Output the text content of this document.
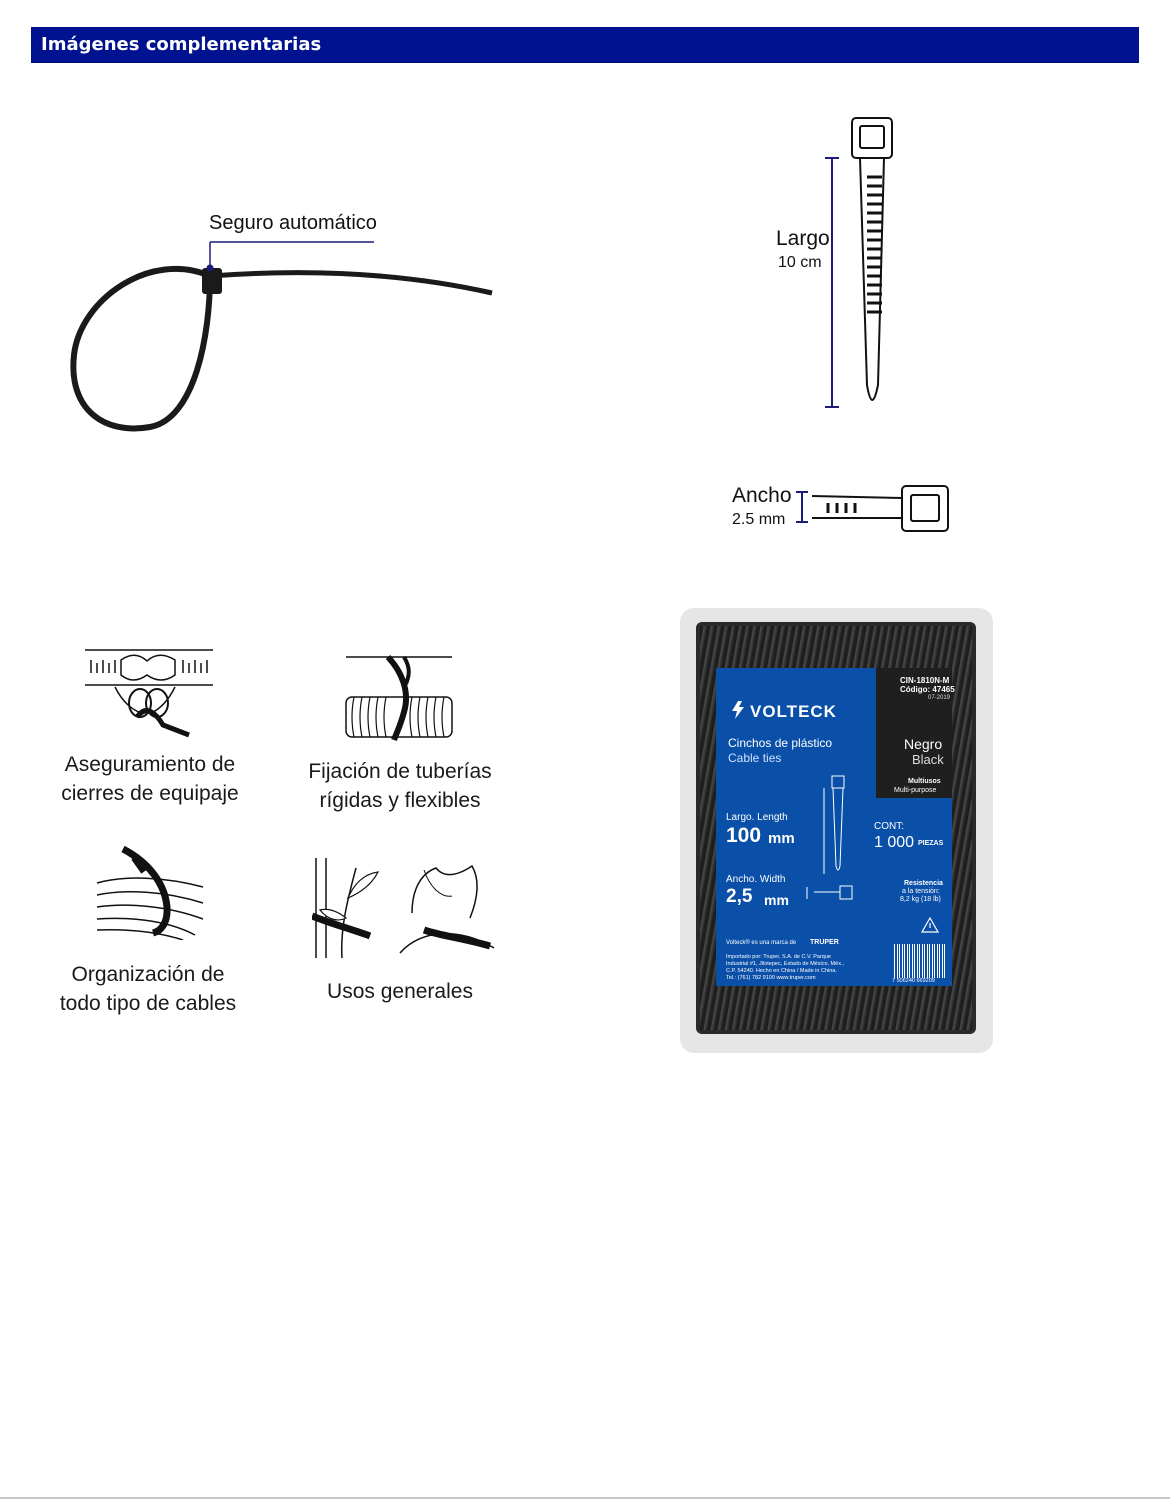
Imágenes complementarias
Seguro automático
Largo
10 cm
Ancho
2.5 mm
Aseguramiento de
cierres de equipaje
Fijación de tuberías
rígidas y flexibles
Organización de
todo tipo de cables
Usos generales
CIN-1810N-M
Código: 47465
07-2019
VOLTECK
Cinchos de plástico
Cable ties
Negro
Black
Multiusos
Multi-purpose
Largo. Length
100 mm
CONT:
1 000 PIEZAS
Ancho. Width
2,5 mm
Resistencia
a la tensión:
8,2 kg (18 lb)
Volteck® es una marca de TRUPER
Importado por: Truper, S.A. de C.V. Parque
Industrial #1, Jilotepec, Estado de México, Méx.,
C.P. 54240. Hecho en China / Made in China.
Tel.: (761) 782 9100 www.truper.com	7 506240 669209
